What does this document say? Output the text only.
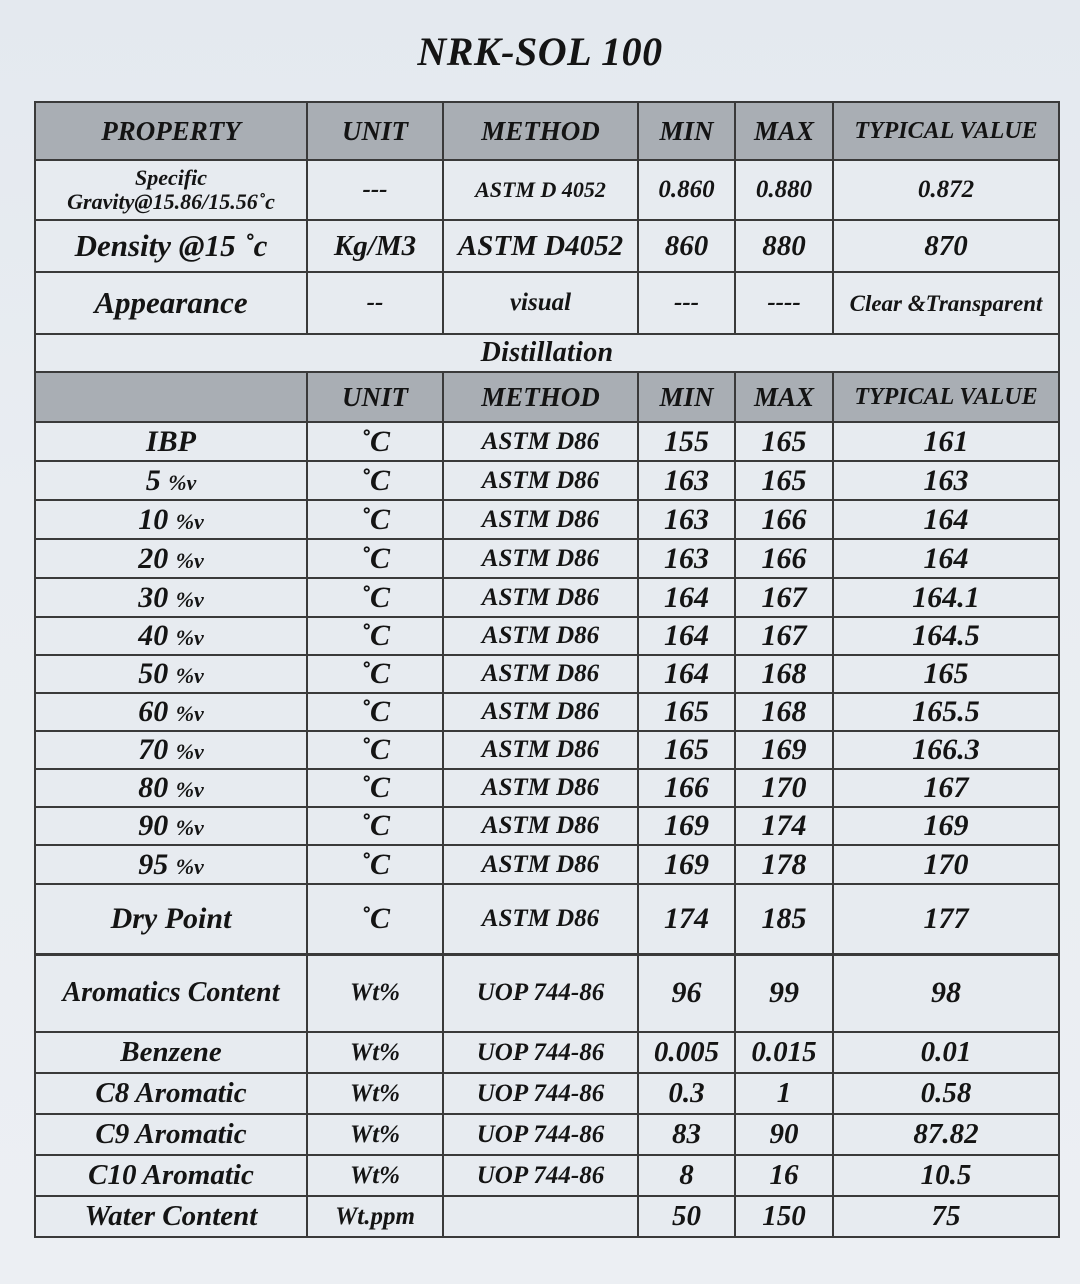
NRK-SOL 100
PROPERTY	UNIT	METHOD	MIN	MAX	TYPICAL VALUE
Specific Gravity@15.86/15.56˚c	---	ASTM D 4052	0.860	0.880	0.872
Density @15 ˚c	Kg/M3	ASTM D4052	860	880	870
Appearance	--	visual	---	----	Clear &Transparent
Distillation					
	UNIT	METHOD	MIN	MAX	TYPICAL VALUE
IBP	˚C	ASTM D86	155	165	161
5 %v	˚C	ASTM D86	163	165	163
10 %v	˚C	ASTM D86	163	166	164
20 %v	˚C	ASTM D86	163	166	164
30 %v	˚C	ASTM D86	164	167	164.1
40 %v	˚C	ASTM D86	164	167	164.5
50 %v	˚C	ASTM D86	164	168	165
60 %v	˚C	ASTM D86	165	168	165.5
70 %v	˚C	ASTM D86	165	169	166.3
80 %v	˚C	ASTM D86	166	170	167
90 %v	˚C	ASTM D86	169	174	169
95 %v	˚C	ASTM D86	169	178	170
Dry Point	˚C	ASTM D86	174	185	177
Aromatics Content	Wt%	UOP 744-86	96	99	98
Benzene	Wt%	UOP 744-86	0.005	0.015	0.01
C8 Aromatic	Wt%	UOP 744-86	0.3	1	0.58
C9 Aromatic	Wt%	UOP 744-86	83	90	87.82
C10 Aromatic	Wt%	UOP 744-86	8	16	10.5
Water Content	Wt.ppm		50	150	75
